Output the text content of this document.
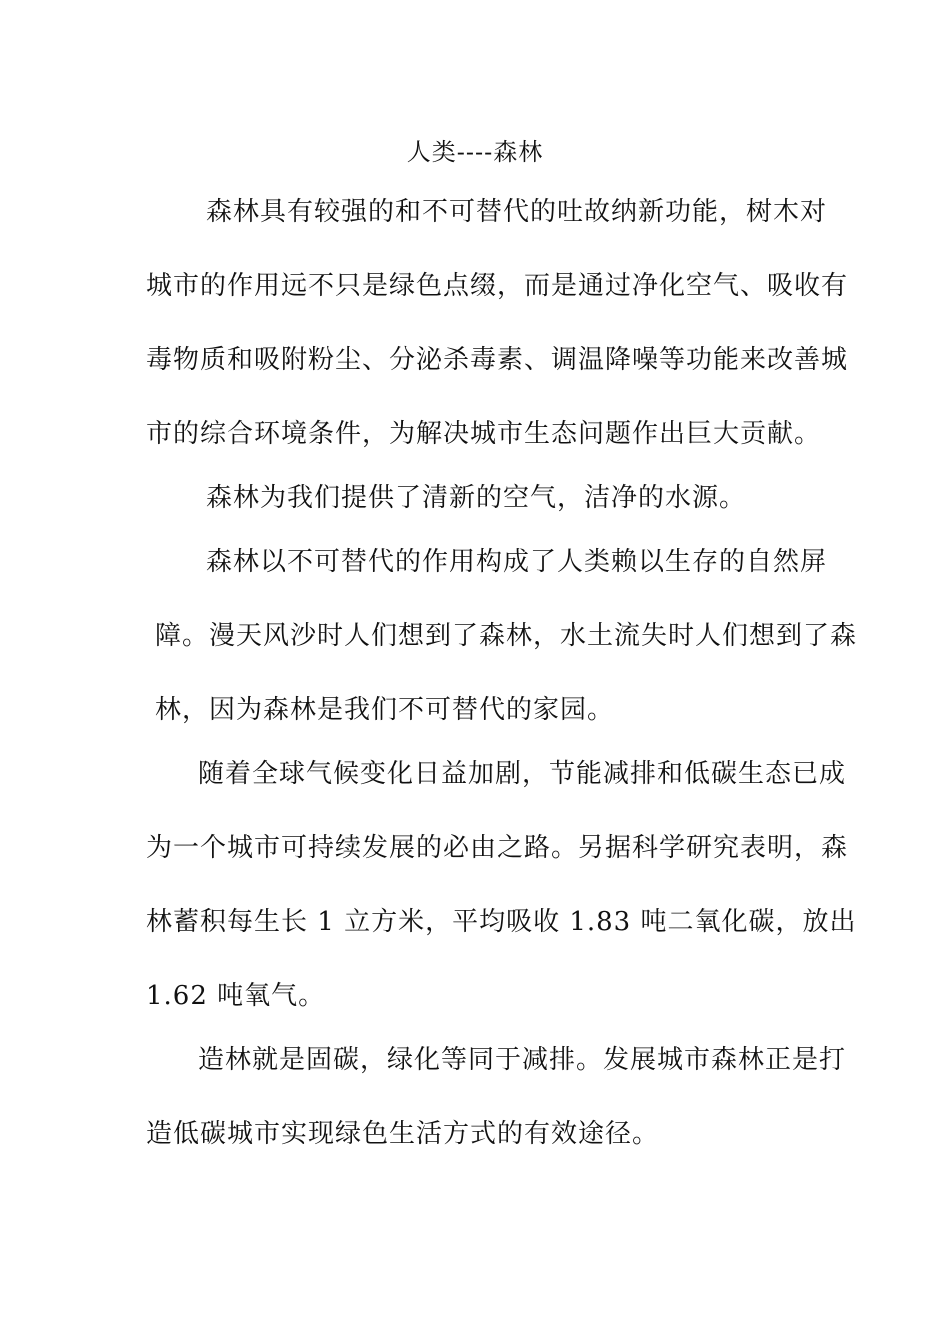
人类----森林
森林具有较强的和不可替代的吐故纳新功能，树木对
城市的作用远不只是绿色点缀，而是通过净化空气、吸收有
毒物质和吸附粉尘、分泌杀毒素、调温降噪等功能来改善城
市的综合环境条件，为解决城市生态问题作出巨大贡献。
森林为我们提供了清新的空气，洁净的水源。
森林以不可替代的作用构成了人类赖以生存的自然屏
障。漫天风沙时人们想到了森林，水土流失时人们想到了森
林，因为森林是我们不可替代的家园。
随着全球气候变化日益加剧，节能减排和低碳生态已成
为一个城市可持续发展的必由之路。另据科学研究表明，森
林蓄积每生长 1 立方米，平均吸收 1.83 吨二氧化碳，放出
1.62 吨氧气。
造林就是固碳，绿化等同于减排。发展城市森林正是打
造低碳城市实现绿色生活方式的有效途径。
